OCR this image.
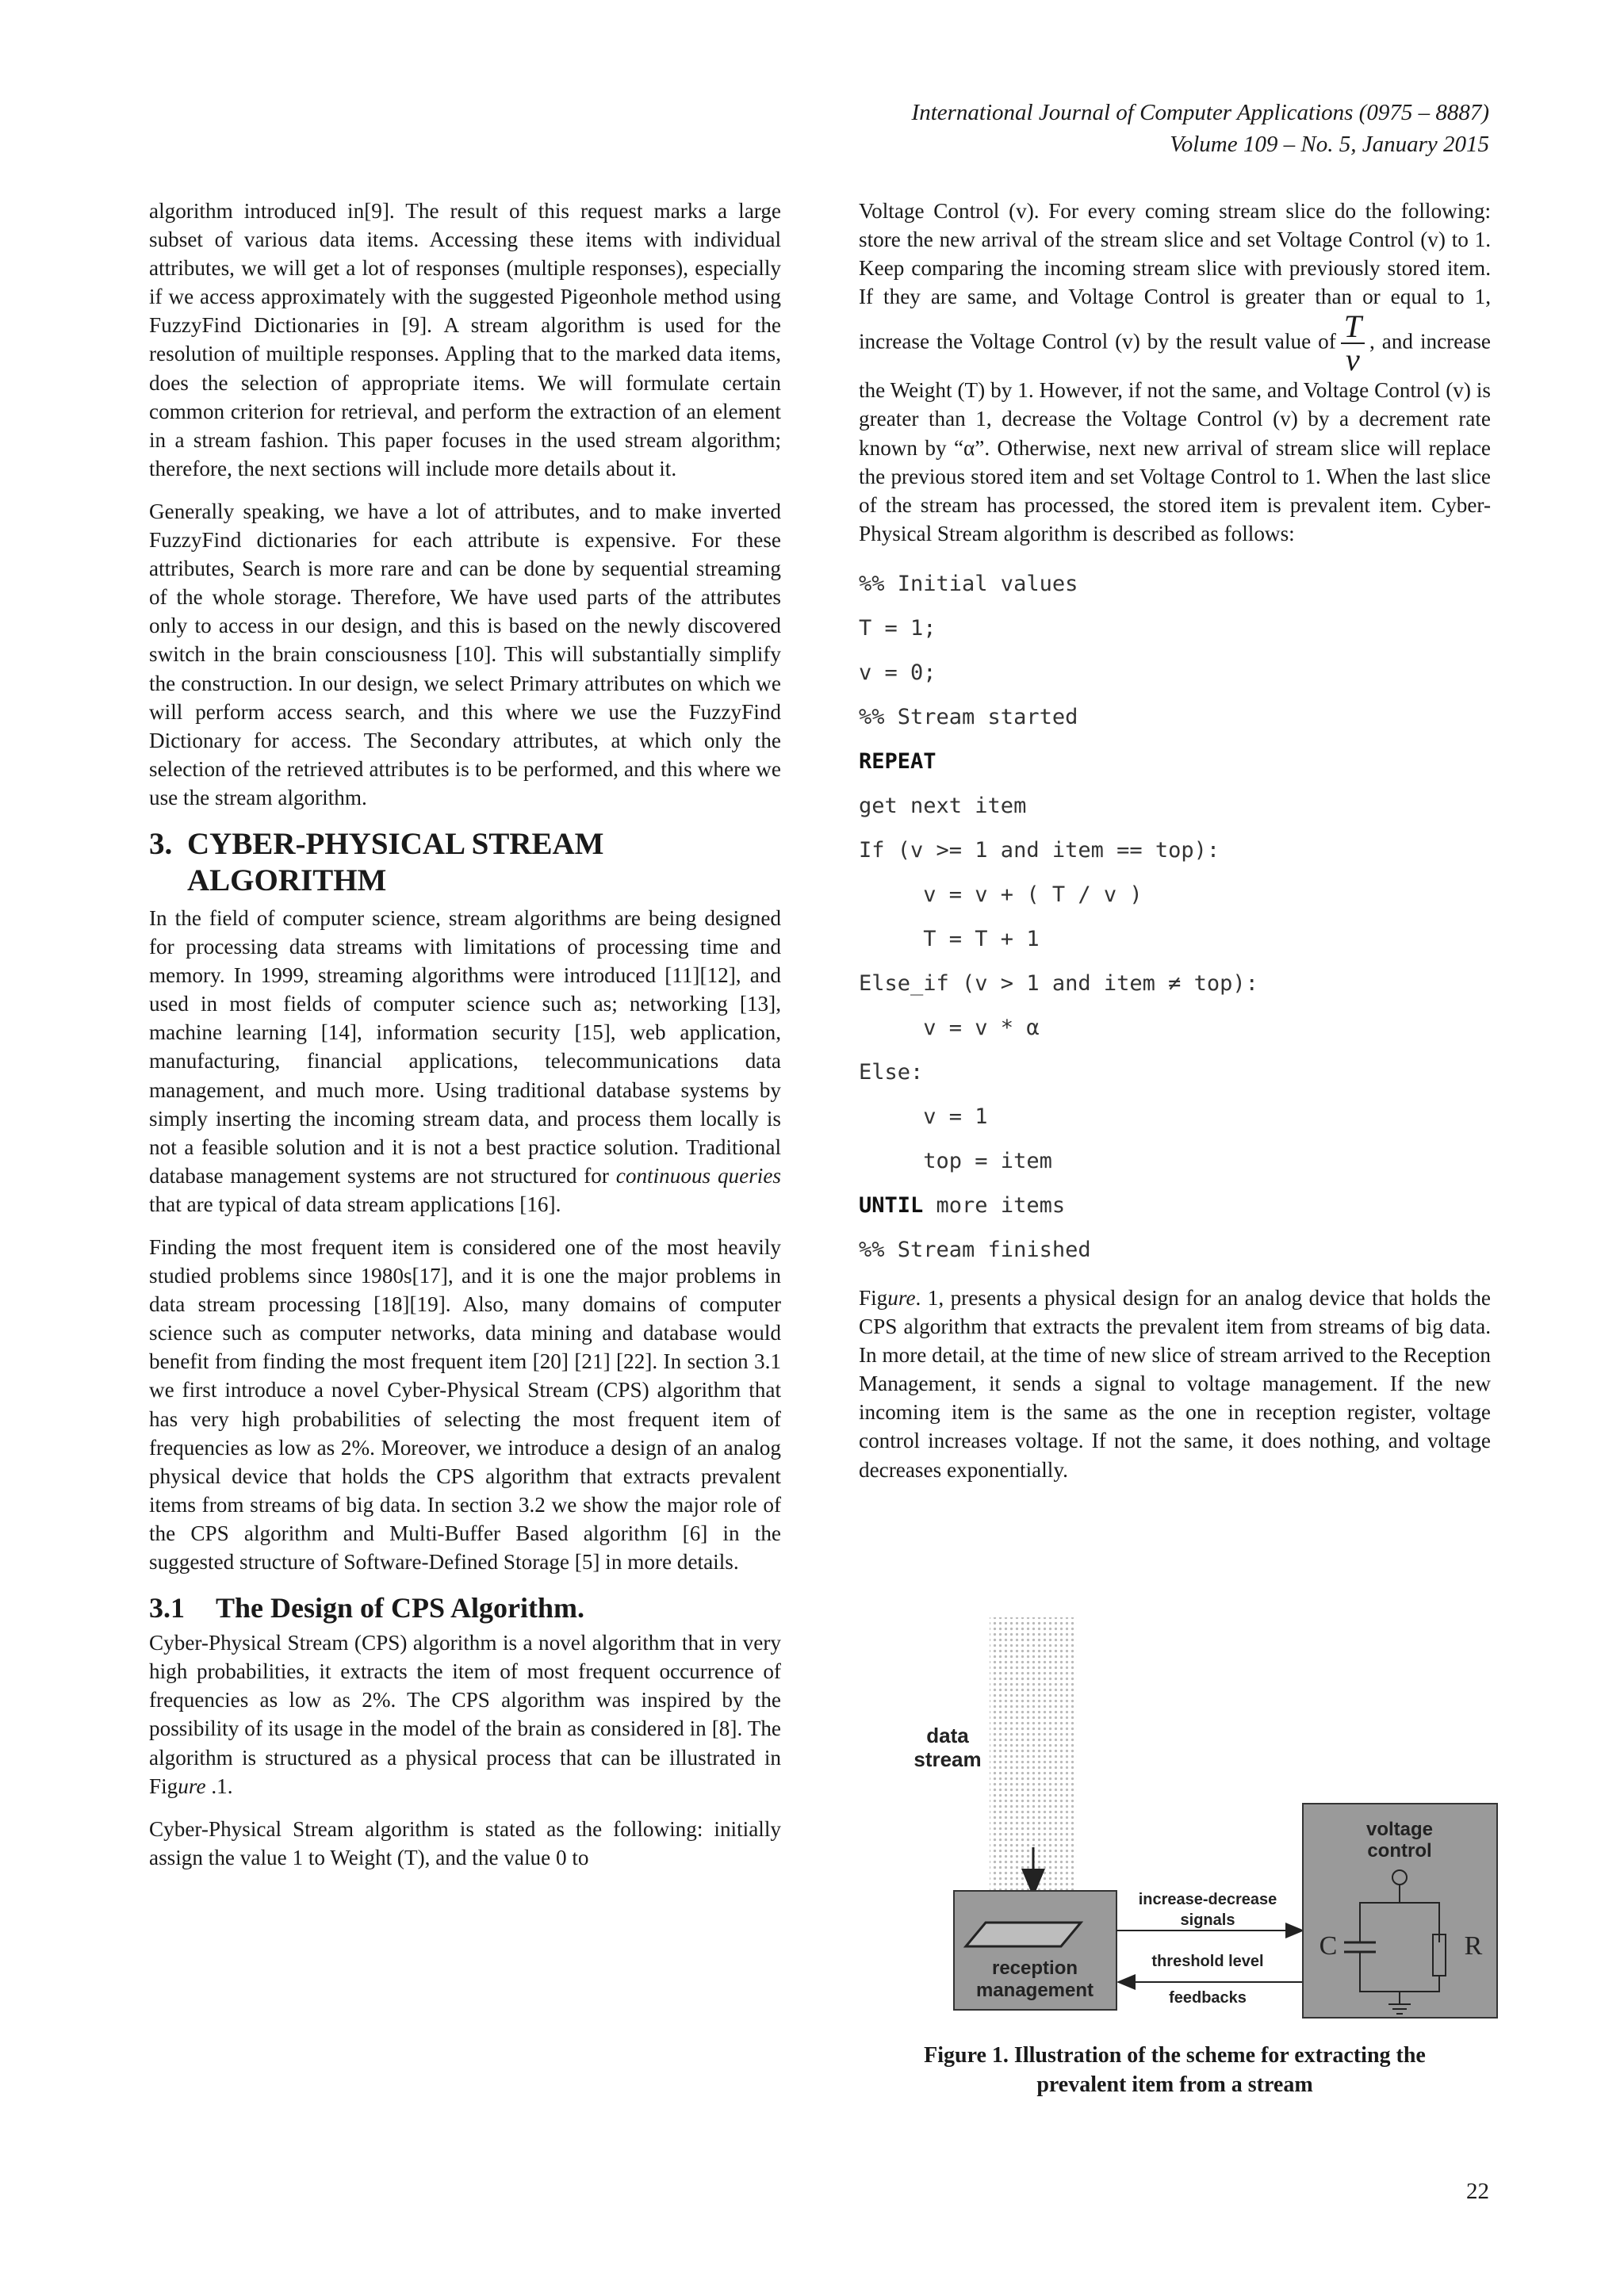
International Journal of Computer Applications (0975 – 8887)
Volume 109 – No. 5, January 2015

algorithm introduced in[9]. The result of this request marks a large subset of various data items. Accessing these items with individual attributes, we will get a lot of responses (multiple responses), especially if we access approximately with the suggested Pigeonhole method using FuzzyFind Dictionaries in [9]. A stream algorithm is used for the resolution of muiltiple responses. Appling that to the marked data items, does the selection of appropriate items. We will formulate certain common criterion for retrieval, and perform the extraction of an element in a stream fashion. This paper focuses in the used stream algorithm; therefore, the next sections will include more details about it.

Generally speaking, we have a lot of attributes, and to make inverted FuzzyFind dictionaries for each attribute is expensive. For these attributes, Search is more rare and can be done by sequential streaming of the whole storage. Therefore, We have used parts of the attributes only to access in our design, and this is based on the newly discovered switch in the brain consciousness [10]. This will substantially simplify the construction. In our design, we select Primary attributes on which we will perform access search, and this where we use the FuzzyFind Dictionary for access. The Secondary attributes, at which only the selection of the retrieved attributes is to be performed, and this where we use the stream algorithm.

3. CYBER-PHYSICAL STREAM
ALGORITHM

In the field of computer science, stream algorithms are being designed for processing data streams with limitations of processing time and memory. In 1999, streaming algorithms were introduced [11][12], and used in most fields of computer science such as; networking [13], machine learning [14], information security [15], web application, manufacturing, financial applications, telecommunications data management, and much more. Using traditional database systems by simply inserting the incoming stream data, and process them locally is not a feasible solution and it is not a best practice solution. Traditional database management systems are not structured for continuous queries that are typical of data stream applications [16].

Finding the most frequent item is considered one of the most heavily studied problems since 1980s[17], and it is one the major problems in data stream processing [18][19]. Also, many domains of computer science such as computer networks, data mining and database would benefit from finding the most frequent item [20] [21] [22]. In section 3.1 we first introduce a novel Cyber-Physical Stream (CPS) algorithm that has very high probabilities of selecting the most frequent item of frequencies as low as 2%. Moreover, we introduce a design of an analog physical device that holds the CPS algorithm that extracts prevalent items from streams of big data. In section 3.2 we show the major role of the CPS algorithm and Multi-Buffer Based algorithm [6] in the suggested structure of Software-Defined Storage [5] in more details.

3.1 The Design of CPS Algorithm.

Cyber-Physical Stream (CPS) algorithm is a novel algorithm that in very high probabilities, it extracts the item of most frequent occurrence of frequencies as low as 2%. The CPS algorithm was inspired by the possibility of its usage in the model of the brain as considered in [8]. The algorithm is structured as a physical process that can be illustrated in Figure .1.

Cyber-Physical Stream algorithm is stated as the following: initially assign the value 1 to Weight (T), and the value 0 to

Voltage Control (v). For every coming stream slice do the following: store the new arrival of the stream slice and set Voltage Control (v) to 1. Keep comparing the incoming stream slice with previously stored item. If they are same, and Voltage Control is greater than or equal to 1, increase the Voltage Control (v) by the result value of $\frac{T}{v}$ , and increase the Weight (T) by 1. However, if not the same, and Voltage Control (v) is greater than 1, decrease the Voltage Control (v) by a decrement rate known by “α”. Otherwise, next new arrival of stream slice will replace the previous stored item and set Voltage Control to 1. When the last slice of the stream has processed, the stored item is prevalent item. Cyber-Physical Stream algorithm is described as follows:

%% Initial values
T = 1;
v = 0;
%% Stream started
REPEAT
get next item
If (v >= 1 and item == top):
v = v + ( T / v )
T = T + 1
Else_if (v > 1 and item ≠ top):
v = v * α
Else:
v = 1
top = item
UNTIL more items
%% Stream finished

Figure. 1, presents a physical design for an analog device that holds the CPS algorithm that extracts the prevalent item from streams of big data. In more detail, at the time of new slice of stream arrived to the Reception Management, it sends a signal to voltage management. If the new incoming item is the same as the one in reception register, voltage control increases voltage. If not the same, it does nothing, and voltage decreases exponentially.

data
stream
reception
management
increase-decrease
signals
threshold level
feedbacks
voltage
control
C	R
Figure 1. Illustration of the scheme for extracting the
prevalent item from a stream
22
